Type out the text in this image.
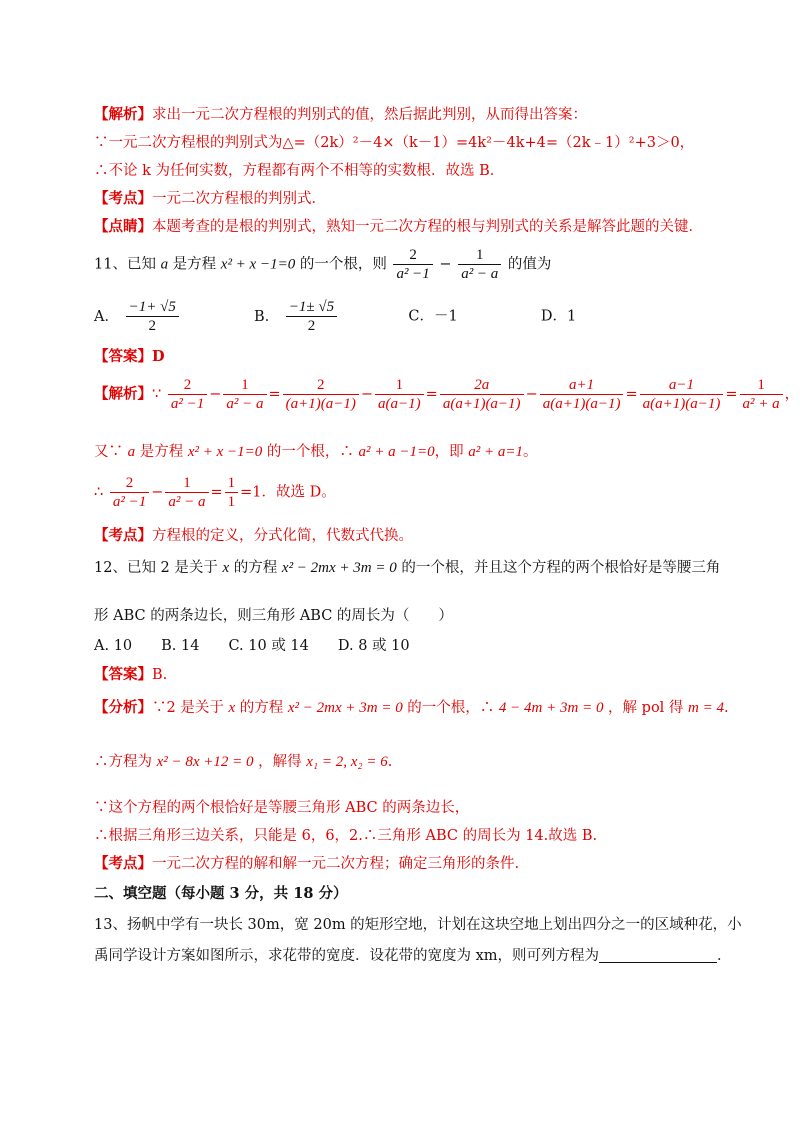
【解析】求出一元二次方程根的判别式的值，然后据此判别，从而得出答案：
∵一元二次方程根的判别式为△=（2k）²－4×（k－1）=4k²－4k+4=（2k﹣1）²+3＞0，
∴不论 k 为任何实数，方程都有两个不相等的实数根．故选 B．
【考点】一元二次方程根的判别式．
【点睛】本题考查的是根的判别式，熟知一元二次方程的根与判别式的关系是解答此题的关键．
11、已知 a 是方程 x² + x −1=0 的一个根，则 $\frac{2}{\text{a² −1}} - \frac{1}{\text{a² − a}}$ 的值为
A． $\frac{-1+ √5}{2}$	B． $\frac{-1\pm √5}{2}$	C．－1	D．1
【答案】D
【解析】∵ $\frac{2}{\text{a² −1}} - \frac{1}{\text{a² − a}} = \frac{2}{(a+1)(a-1)} - \frac{1}{a(a-1)} = \frac{2a}{a(a+1)(a-1)} - \frac{a+1}{a(a+1)(a-1)} = \frac{a-1}{a(a+1)(a-1)} = \frac{1}{\text{a² + a}}$ ，
又∵ a 是方程 x² + x −1=0 的一个根，∴ a² + a −1=0，即 a² + a=1。
∴ $\frac{2}{\text{a² −1}} - \frac{1}{\text{a² − a}} = \frac{1}{1} =1$．故选 D。
【考点】方程根的定义，分式化简，代数式代换。
12、已知 2 是关于 x 的方程 x² − 2mx + 3m = 0 的一个根，并且这个方程的两个根恰好是等腰三角
形 ABC 的两条边长，则三角形 ABC 的周长为（　　）
A. 10　　B. 14　　C. 10 或 14　　D. 8 或 10
【答案】B.
【分析】∵2 是关于 x 的方程 x² − 2mx + 3m = 0 的一个根，∴ 4 − 4m + 3m = 0 ，解 pol 得 m = 4.
∴方程为 x² − 8x +12 = 0 ，解得 x₁ = 2, x₂ = 6.
∵这个方程的两个根恰好是等腰三角形 ABC 的两条边长，
∴根据三角形三边关系，只能是 6，6，2.∴三角形 ABC 的周长为 14.故选 B.
【考点】一元二次方程的解和解一元二次方程；确定三角形的条件.
二、填空题（每小题 3 分，共 18 分）
13、扬帆中学有一块长 30m，宽 20m 的矩形空地，计划在这块空地上划出四分之一的区域种花，小
禹同学设计方案如图所示，求花带的宽度．设花带的宽度为 xm，则可列方程为	．
